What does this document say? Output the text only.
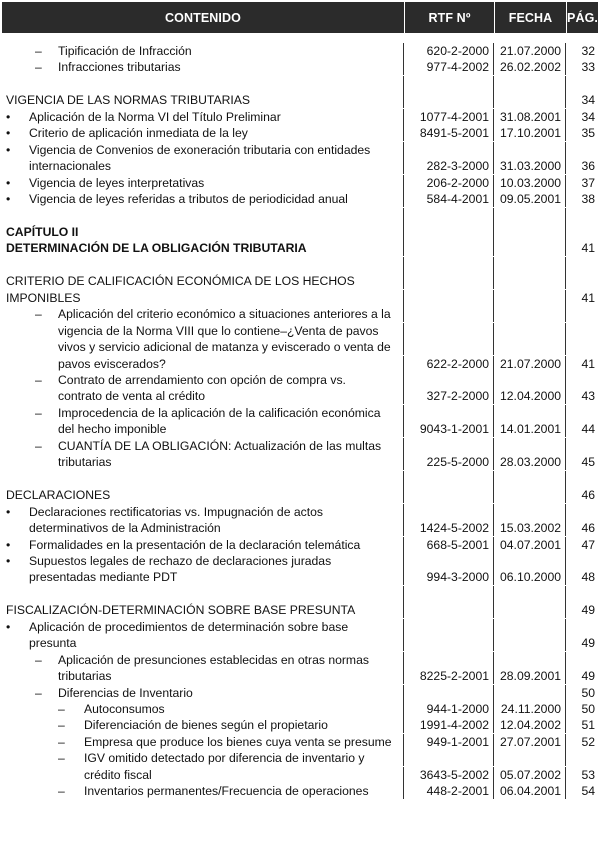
CONTENIDO	RTF Nº	FECHA	PÁG.
– Tipificación de Infracción	620-2-2000 21.07.2000	32
– Infracciones tributarias	977-4-2002 26.02.2002	33
VIGENCIA DE LAS NORMAS TRIBUTARIAS	34
• Aplicación de la Norma VI del Título Preliminar	1077-4-2001 31.08.2001	34
• Criterio de aplicación inmediata de la ley	8491-5-2001 17.10.2001	35
• Vigencia de Convenios de exoneración tributaria con entidades
internacionales	282-3-2000 31.03.2000	36
• Vigencia de leyes interpretativas	206-2-2000 10.03.2000	37
• Vigencia de leyes referidas a tributos de periodicidad anual	584-4-2001 09.05.2001	38
CAPÍTULO II
DETERMINACIÓN DE LA OBLIGACIÓN TRIBUTARIA	41
CRITERIO DE CALIFICACIÓN ECONÓMICA DE LOS HECHOS
IMPONIBLES	41
– Aplicación del criterio económico a situaciones anteriores a la
vigencia de la Norma VIII que lo contiene–¿Venta de pavos
vivos y servicio adicional de matanza y eviscerado o venta de
pavos eviscerados?	622-2-2000 21.07.2000	41
– Contrato de arrendamiento con opción de compra vs.
contrato de venta al crédito	327-2-2000 12.04.2000	43
– Improcedencia de la aplicación de la calificación económica
del hecho imponible	9043-1-2001 14.01.2001	44
– CUANTÍA DE LA OBLIGACIÓN: Actualización de las multas
tributarias	225-5-2000 28.03.2000	45
DECLARACIONES	46
• Declaraciones rectificatorias vs. Impugnación de actos
determinativos de la Administración	1424-5-2002 15.03.2002	46
• Formalidades en la presentación de la declaración telemática	668-5-2001 04.07.2001	47
• Supuestos legales de rechazo de declaraciones juradas
presentadas mediante PDT	994-3-2000 06.10.2000	48
FISCALIZACIÓN-DETERMINACIÓN SOBRE BASE PRESUNTA	49
• Aplicación de procedimientos de determinación sobre base
presunta	49
– Aplicación de presunciones establecidas en otras normas
tributarias	8225-2-2001 28.09.2001	49
– Diferencias de Inventario	50
– Autoconsumos	944-1-2000 24.11.2000	50
– Diferenciación de bienes según el propietario	1991-4-2002 12.04.2002	51
– Empresa que produce los bienes cuya venta se presume	949-1-2001 27.07.2001	52
– IGV omitido detectado por diferencia de inventario y
crédito fiscal	3643-5-2002 05.07.2002	53
– Inventarios permanentes/Frecuencia de operaciones	448-2-2001 06.04.2001	54
